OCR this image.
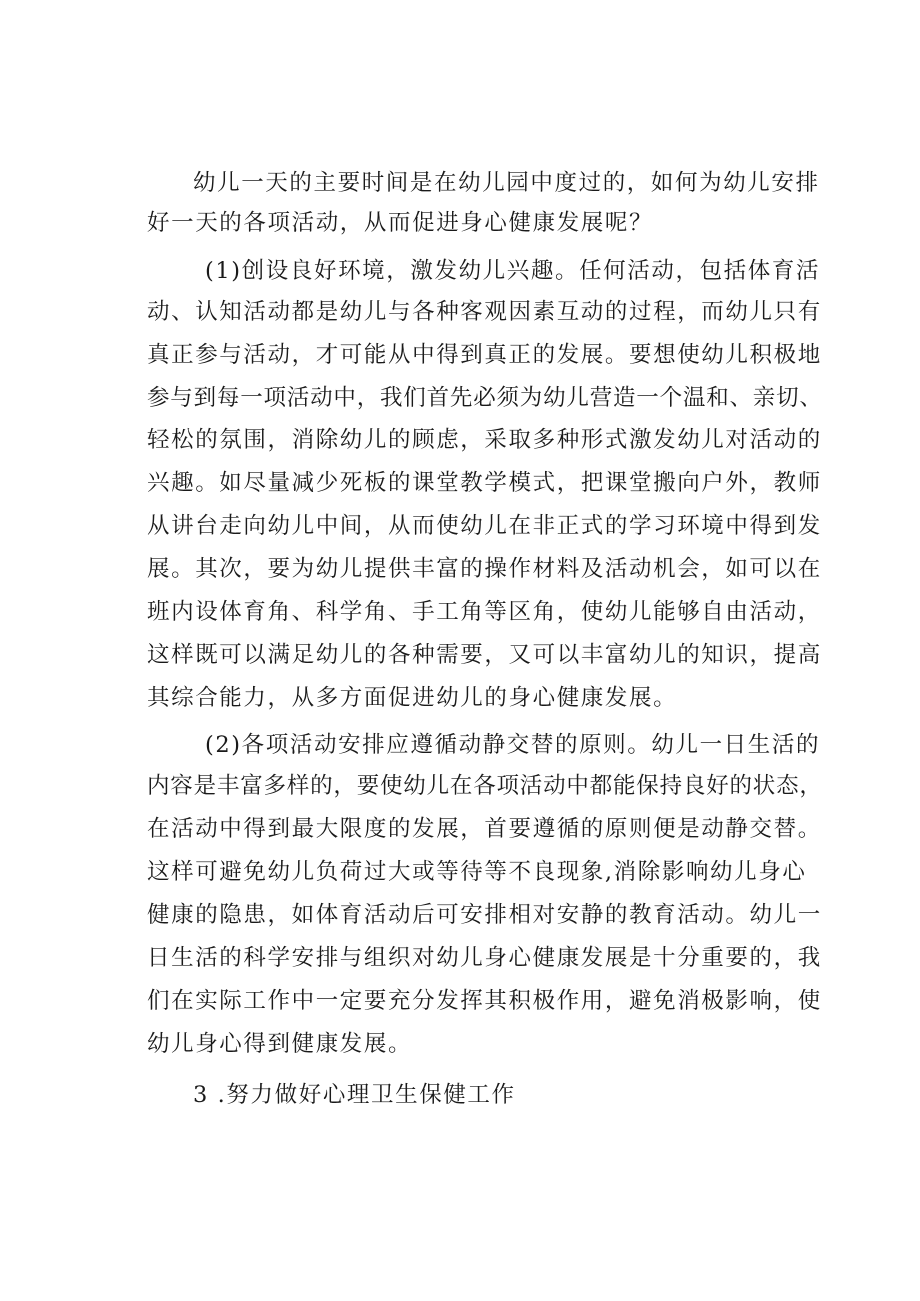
幼儿一天的主要时间是在幼儿园中度过的，如何为幼儿安排
好一天的各项活动，从而促进身心健康发展呢？
(1)创设良好环境，激发幼儿兴趣。任何活动，包括体育活
动、认知活动都是幼儿与各种客观因素互动的过程，而幼儿只有
真正参与活动，才可能从中得到真正的发展。要想使幼儿积极地
参与到每一项活动中，我们首先必须为幼儿营造一个温和、亲切、
轻松的氛围，消除幼儿的顾虑，采取多种形式激发幼儿对活动的
兴趣。如尽量减少死板的课堂教学模式，把课堂搬向户外，教师
从讲台走向幼儿中间，从而使幼儿在非正式的学习环境中得到发
展。其次，要为幼儿提供丰富的操作材料及活动机会，如可以在
班内设体育角、科学角、手工角等区角，使幼儿能够自由活动，
这样既可以满足幼儿的各种需要，又可以丰富幼儿的知识，提高
其综合能力，从多方面促进幼儿的身心健康发展。
(2)各项活动安排应遵循动静交替的原则。幼儿一日生活的
内容是丰富多样的，要使幼儿在各项活动中都能保持良好的状态，
在活动中得到最大限度的发展，首要遵循的原则便是动静交替。
这样可避免幼儿负荷过大或等待等不良现象,消除影响幼儿身心
健康的隐患，如体育活动后可安排相对安静的教育活动。幼儿一
日生活的科学安排与组织对幼儿身心健康发展是十分重要的，我
们在实际工作中一定要充分发挥其积极作用，避免消极影响，使
幼儿身心得到健康发展。
3 .努力做好心理卫生保健工作
